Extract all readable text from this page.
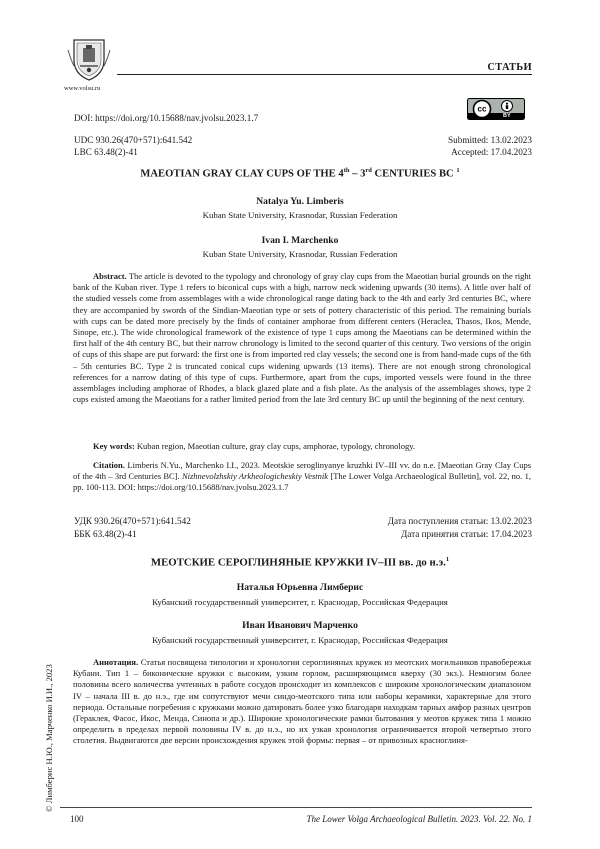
www.volsu.ru
СТАТЬИ
DOI: https://doi.org/10.15688/nav.jvolsu.2023.1.7
cc
BY
UDC 930.26(470+571):641.542
LBC 63.48(2)-41
Submitted: 13.02.2023
Accepted: 17.04.2023
MAEOTIAN GRAY CLAY CUPS OF THE 4th – 3rd CENTURIES BC $^1$
Natalya Yu. Limberis
Kuban State University, Krasnodar, Russian Federation
Ivan I. Marchenko
Kuban State University, Krasnodar, Russian Federation
Abstract. The article is devoted to the typology and chronology of gray clay cups from the Maeotian burial grounds on the right bank of the Kuban river. Type 1 refers to biconical cups with a high, narrow neck widening upwards (30 items). A little over half of the studied vessels come from assemblages with a wide chronological range dating back to the 4th and early 3rd centuries BC, where they are accompanied by swords of the Sindian-Maeotian type or sets of pottery characteristic of this period. The remaining burials with cups can be dated more precisely by the finds of container amphorae from different centers (Heraclea, Thasos, Ikos, Mende, Sinope, etc.). The wide chronological framework of the existence of type 1 cups among the Maeotians can be determined within the first half of the 4th century BC, but their narrow chronology is limited to the second quarter of this century. Two versions of the origin of cups of this shape are put forward: the first one is from imported red clay vessels; the second one is from hand-made cups of the 6th – 5th centuries BC. Type 2 is truncated conical cups widening upwards (13 items). There are not enough strong chronological references for a narrow dating of this type of cups. Furthermore, apart from the cups, imported vessels were found in the three assemblages including amphorae of Rhodes, a black glazed plate and a fish plate. As the analysis of the assemblages shows, type 2 cups existed among the Maeotians for a rather limited period from the late 3rd century BC up until the beginning of the next century.
Key words: Kuban region, Maeotian culture, gray clay cups, amphorae, typology, chronology.
Citation. Limberis N.Yu., Marchenko I.I., 2023. Meotskie seroglinyanye kruzhki IV–III vv. do n.e. [Maeotian Gray Clay Cups of the 4th – 3rd Centuries BC]. Nizhnevolzhskiy Arkheologicheskiy Vestnik [The Lower Volga Archaeological Bulletin], vol. 22, no. 1, pp. 100-113. DOI: https://doi.org/10.15688/nav.jvolsu.2023.1.7
УДК 930.26(470+571):641.542
ББК 63.48(2)-41
Дата поступления статьи: 13.02.2023
Дата принятия статьи: 17.04.2023
МЕОТСКИЕ СЕРОГЛИНЯНЫЕ КРУЖКИ IV–III вв. до н.э.$^1$
Наталья Юрьевна Лимберис
Кубанский государственный университет, г. Краснодар, Российская Федерация
Иван Иванович Марченко
Кубанский государственный университет, г. Краснодар, Российская Федерация
Аннотация. Статья посвящена типологии и хронологии сероглиняных кружек из меотских могильников правобережья Кубани. Тип 1 – биконические кружки с высоким, узким горлом, расширяющимся кверху (30 экз.). Немногим более половины всего количества учтенных в работе сосудов происходит из комплексов с широким хронологическим диапазоном IV – начала III в. до н.э., где им сопутствуют мечи синдо-меотского типа или наборы керамики, характерные для этого периода. Остальные погребения с кружками можно датировать более узко благодаря находкам тарных амфор разных центров (Гераклея, Фасос, Икос, Менда, Синопа и др.). Широкие хронологические рамки бытования у меотов кружек типа 1 можно определить в пределах первой половины IV в. до н.э., но их узкая хронология ограничивается второй четвертью этого столетия. Выдвигаются две версии происхождения кружек этой формы: первая – от привозных красноглиня-
© Лимберис Н.Ю., Марченко И.И., 2023
100	The Lower Volga Archaeological Bulletin. 2023. Vol. 22. No. 1
